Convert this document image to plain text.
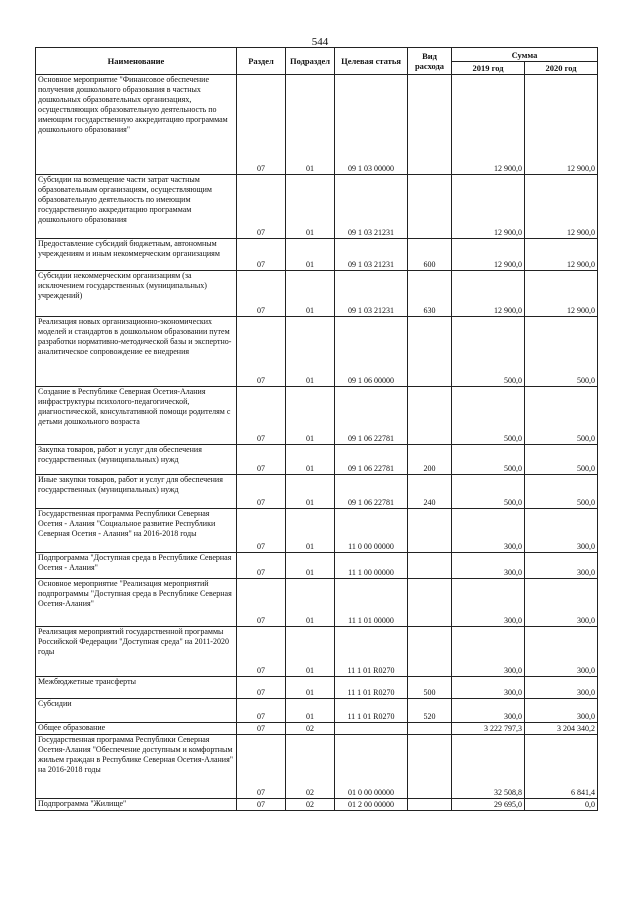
544
Наименование	Раздел	Подраздел	Целевая статья	Вид расхода	Сумма	
					2019 год	2020 год
Основное мероприятие "Финансовое обеспечение получения дошкольного образования в частных дошкольных образовательных организациях, осуществляющих образовательную деятельность по имеющим государственную аккредитацию программам дошкольного образования"	07	01	09 1 03 00000		12 900,0	12 900,0
Субсидии на возмещение части затрат частным образовательным организациям, осуществляющим образовательную деятельность по имеющим государственную аккредитацию программам дошкольного образования	07	01	09 1 03 21231		12 900,0	12 900,0
Предоставление субсидий бюджетным, автономным учреждениям и иным некоммерческим организациям	07	01	09 1 03 21231	600	12 900,0	12 900,0
Субсидии некоммерческим организациям (за исключением государственных (муниципальных) учреждений)	07	01	09 1 03 21231	630	12 900,0	12 900,0
Реализация новых организационно-экономических моделей и стандартов в дошкольном образовании путем разработки нормативно-методической базы и экспертно-аналитическое сопровождение ее внедрения	07	01	09 1 06 00000		500,0	500,0
Создание в Республике Северная Осетия-Алания инфраструктуры психолого-педагогической, диагностической, консультативной помощи родителям с детьми дошкольного возраста	07	01	09 1 06 22781		500,0	500,0
Закупка товаров, работ и услуг для обеспечения государственных (муниципальных) нужд	07	01	09 1 06 22781	200	500,0	500,0
Иные закупки товаров, работ и услуг для обеспечения государственных (муниципальных) нужд	07	01	09 1 06 22781	240	500,0	500,0
Государственная программа Республики Северная Осетия - Алания "Социальное развитие Республики Северная Осетия - Алания" на 2016-2018 годы	07	01	11 0 00 00000		300,0	300,0
Подпрограмма "Доступная среда в Республике Северная Осетия - Алания"	07	01	11 1 00 00000		300,0	300,0
Основное мероприятие "Реализация мероприятий подпрограммы "Доступная среда в Республике Северная Осетия-Алания"	07	01	11 1 01 00000		300,0	300,0
Реализация мероприятий государственной программы Российской Федерации "Доступная среда" на 2011-2020 годы	07	01	11 1 01 R0270		300,0	300,0
Межбюджетные трансферты	07	01	11 1 01 R0270	500	300,0	300,0
Субсидии	07	01	11 1 01 R0270	520	300,0	300,0
Общее образование	07	02			3 222 797,3	3 204 340,2
Государственная программа Республики Северная Осетия-Алания "Обеспечение доступным и комфортным жильем граждан в Республике Северная Осетия-Алания" на 2016-2018 годы	07	02	01 0 00 00000		32 508,8	6 841,4
Подпрограмма "Жилище"	07	02	01 2 00 00000		29 695,0	0,0
